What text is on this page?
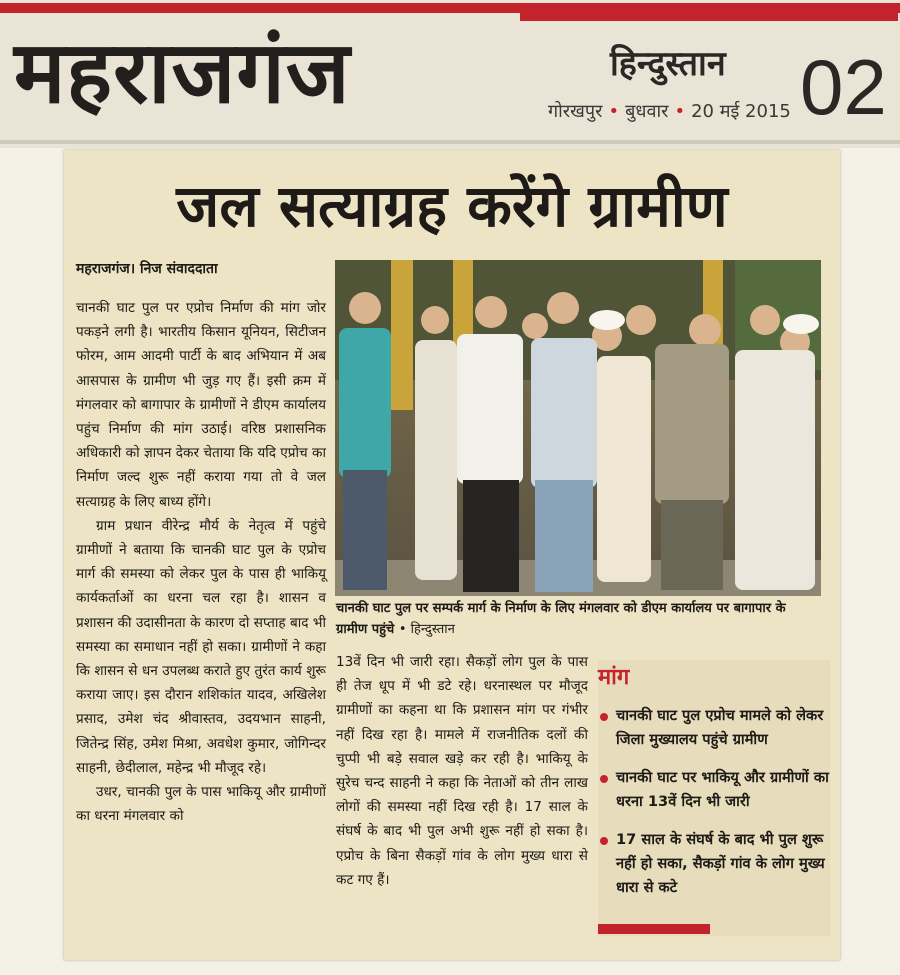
महराजगंज	हिन्दुस्तान
गोरखपुर • बुधवार • 20 मई 2015 02
जल सत्याग्रह करेंगे ग्रामीण
महराजगंज। निज संवाददाता

चानकी घाट पुल पर एप्रोच निर्माण की मांग जोर पकड़ने लगी है। भारतीय किसान यूनियन, सिटीजन फोरम, आम आदमी पार्टी के बाद अभियान में अब आसपास के ग्रामीण भी जुड़ गए हैं। इसी क्रम में मंगलवार को बागापार के ग्रामीणों ने डीएम कार्यालय पहुंच निर्माण की मांग उठाई। वरिष्ठ प्रशासनिक अधिकारी को ज्ञापन देकर चेताया कि यदि एप्रोच का निर्माण जल्द शुरू नहीं कराया गया तो वे जल सत्याग्रह के लिए बाध्य होंगे।

ग्राम प्रधान वीरेन्द्र मौर्य के नेतृत्व में पहुंचे ग्रामीणों ने बताया कि चानकी घाट पुल के एप्रोच मार्ग की समस्या को लेकर पुल के पास ही भाकियू कार्यकर्ताओं का धरना चल रहा है। शासन व प्रशासन की उदासीनता के कारण दो सप्ताह बाद भी समस्या का समाधान नहीं हो सका। ग्रामीणों ने कहा कि शासन से धन उपलब्ध कराते हुए तुरंत कार्य शुरू कराया जाए। इस दौरान शशिकांत यादव, अखिलेश प्रसाद, उमेश चंद श्रीवास्तव, उदयभान साहनी, जितेन्द्र सिंह, उमेश मिश्रा, अवधेश कुमार, जोगिन्दर साहनी, छेदीलाल, महेन्द्र भी मौजूद रहे।

उधर, चानकी पुल के पास भाकियू और ग्रामीणों का धरना मंगलवार को

चानकी घाट पुल पर सम्पर्क मार्ग के निर्माण के लिए मंगलवार को डीएम कार्यालय पर बागापार के ग्रामीण पहुंचे • हिन्दुस्तान

13वें दिन भी जारी रहा। सैकड़ों लोग पुल के पास ही तेज धूप में भी डटे रहे। धरनास्थल पर मौजूद ग्रामीणों का कहना था कि प्रशासन मांग पर गंभीर नहीं दिख रहा है। मामले में राजनीतिक दलों की चुप्पी भी बड़े सवाल खड़े कर रही है। भाकियू के सुरेच चन्द साहनी ने कहा कि नेताओं को तीन लाख लोगों की समस्या नहीं दिख रही है। 17 साल के संघर्ष के बाद भी पुल अभी शुरू नहीं हो सका है। एप्रोच के बिना सैकड़ों गांव के लोग मुख्य धारा से कट गए हैं।

मांग
चानकी घाट पुल एप्रोच मामले को लेकर जिला मुख्यालय पहुंचे ग्रामीण
चानकी घाट पर भाकियू और ग्रामीणों का धरना 13वें दिन भी जारी
17 साल के संघर्ष के बाद भी पुल शुरू नहीं हो सका, सैकड़ों गांव के लोग मुख्य धारा से कटे
